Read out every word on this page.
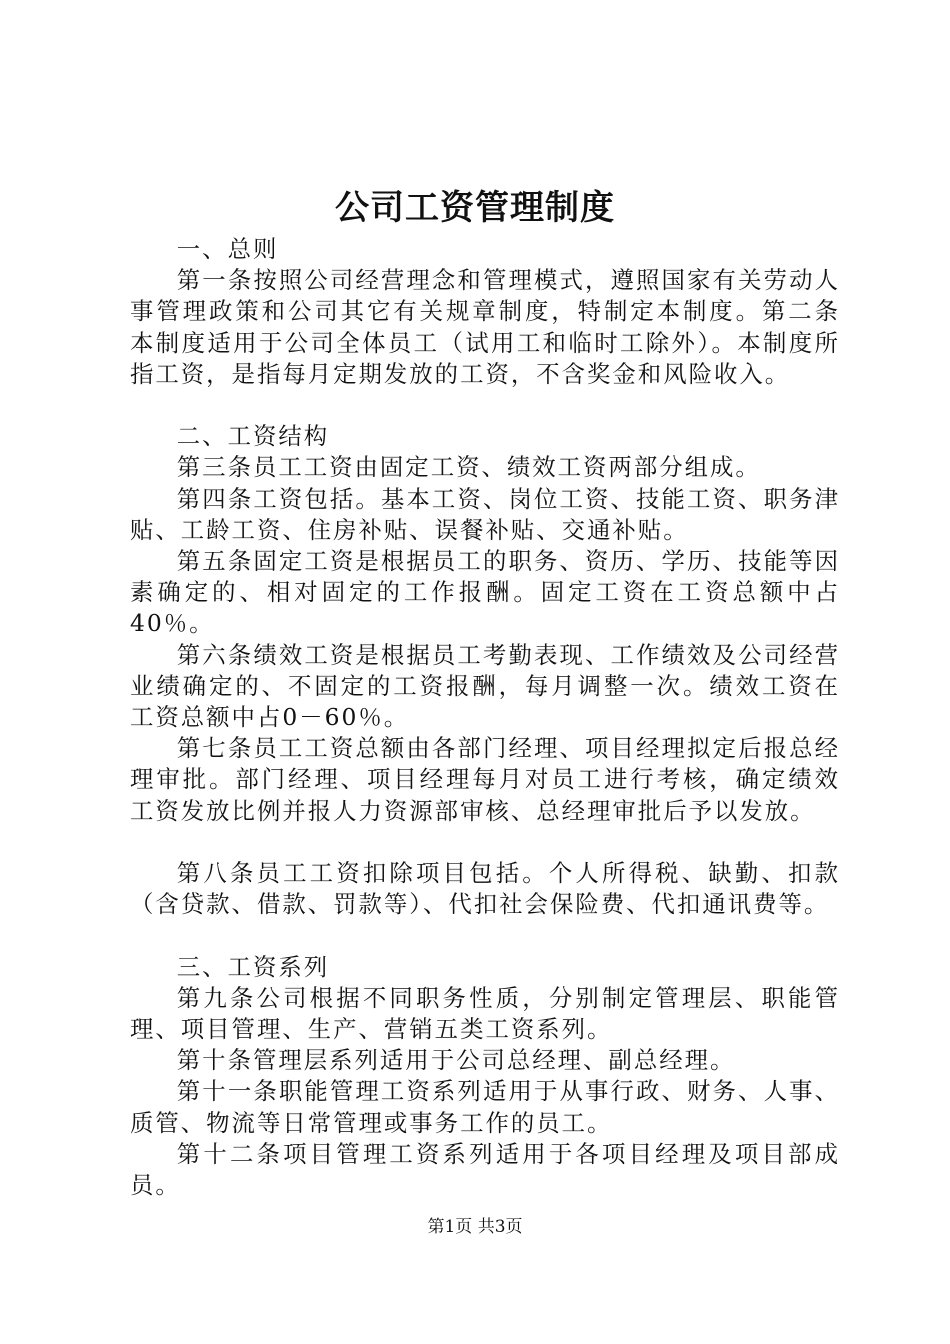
公司工资管理制度

一、总则

第一条按照公司经营理念和管理模式，遵照国家有关劳动人事管理政策和公司其它有关规章制度，特制定本制度。第二条本制度适用于公司全体员工（试用工和临时工除外）。本制度所指工资，是指每月定期发放的工资，不含奖金和风险收入。

二、工资结构

第三条员工工资由固定工资、绩效工资两部分组成。

第四条工资包括。基本工资、岗位工资、技能工资、职务津贴、工龄工资、住房补贴、误餐补贴、交通补贴。

第五条固定工资是根据员工的职务、资历、学历、技能等因素确定的、相对固定的工作报酬。固定工资在工资总额中占40％。

第六条绩效工资是根据员工考勤表现、工作绩效及公司经营业绩确定的、不固定的工资报酬，每月调整一次。绩效工资在工资总额中占0－60％。

第七条员工工资总额由各部门经理、项目经理拟定后报总经理审批。部门经理、项目经理每月对员工进行考核，确定绩效工资发放比例并报人力资源部审核、总经理审批后予以发放。

第八条员工工资扣除项目包括。个人所得税、缺勤、扣款（含贷款、借款、罚款等）、代扣社会保险费、代扣通讯费等。

三、工资系列

第九条公司根据不同职务性质，分别制定管理层、职能管理、项目管理、生产、营销五类工资系列。

第十条管理层系列适用于公司总经理、副总经理。

第十一条职能管理工资系列适用于从事行政、财务、人事、质管、物流等日常管理或事务工作的员工。

第十二条项目管理工资系列适用于各项目经理及项目部成员。

第1页 共3页
